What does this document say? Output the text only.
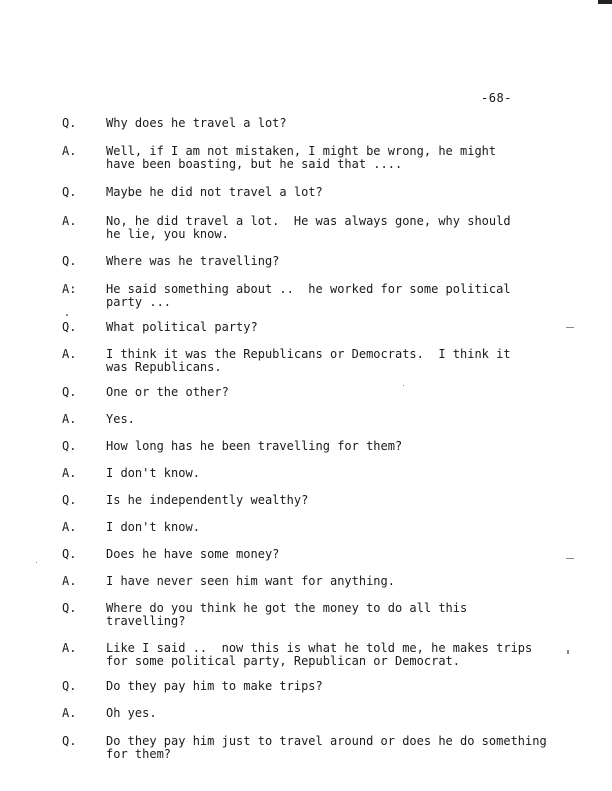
-68-
Q.	Why does he travel a lot?
A.	Well, if I am not mistaken, I might be wrong, he might
have been boasting, but he said that ....
Q.	Maybe he did not travel a lot?
A.	No, he did travel a lot.  He was always gone, why should
he lie, you know.
Q.	Where was he travelling?
A:	He said something about ..  he worked for some political
party ...
Q.	What political party?
A.	I think it was the Republicans or Democrats.  I think it
was Republicans.
Q.	One or the other?
A.	Yes.
Q.	How long has he been travelling for them?
A.	I don't know.
Q.	Is he independently wealthy?
A.	I don't know.
Q.	Does he have some money?
A.	I have never seen him want for anything.
Q.	Where do you think he got the money to do all this
travelling?
A.	Like I said ..  now this is what he told me, he makes trips
for some political party, Republican or Democrat.
Q.	Do they pay him to make trips?
A.	Oh yes.
Q.	Do they pay him just to travel around or does he do something
for them?
